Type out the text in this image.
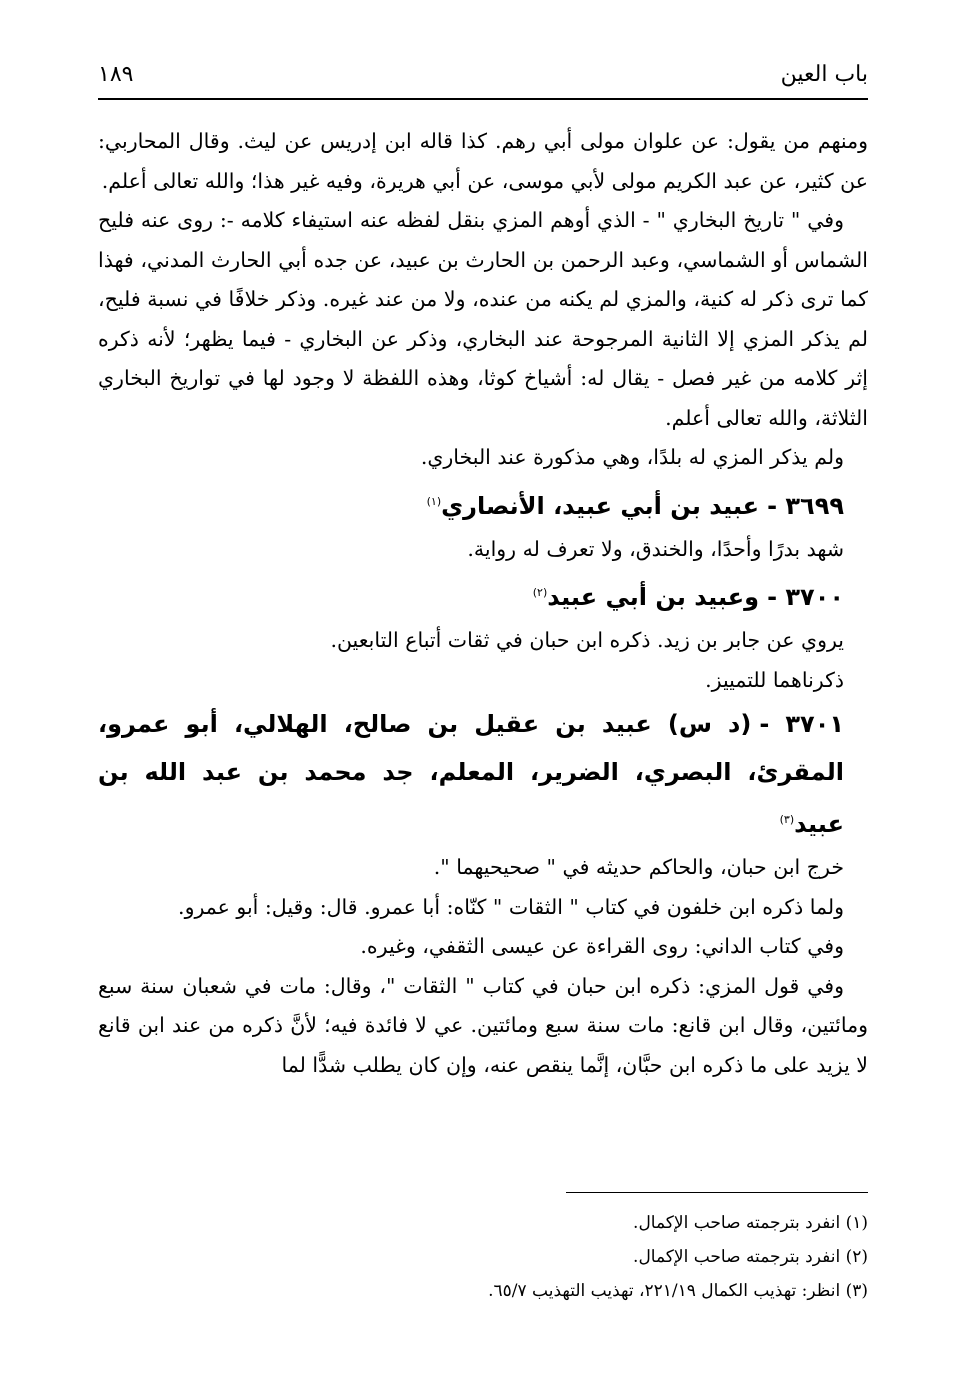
باب العين
١٨٩

ومنهم من يقول: عن علوان مولى أبي رهم. كذا قاله ابن إدريس عن ليث. وقال المحاربي: عن كثير، عن عبد الكريم مولى لأبي موسى، عن أبي هريرة، وفيه غير هذا؛ والله تعالى أعلم.

وفي " تاريخ البخاري " - الذي أوهم المزي بنقل لفظه عنه استيفاء كلامه -: روى عنه فليح الشماس أو الشماسي، وعبد الرحمن بن الحارث بن عبيد، عن جده أبي الحارث المدني، فهذا كما ترى ذكر له كنية، والمزي لم يكنه من عنده، ولا من عند غيره. وذكر خلافًا في نسبة فليح، لم يذكر المزي إلا الثانية المرجوحة عند البخاري، وذكر عن البخاري - فيما يظهر؛ لأنه ذكره إثر كلامه من غير فصل - يقال له: أشياخ كوثا، وهذه اللفظة لا وجود لها في تواريخ البخاري الثلاثة، والله تعالى أعلم.

ولم يذكر المزي له بلدًا، وهي مذكورة عند البخاري.

٣٦٩٩ -عبيد بن أبي عبيد، الأنصاري$^{(١)}$

شهد بدرًا وأحدًا، والخندق، ولا تعرف له رواية.

٣٧٠٠ -وعبيد بن أبي عبيد$^{(٢)}$

يروي عن جابر بن زيد. ذكره ابن حبان في ثقات أتباع التابعين.

ذكرناهما للتمييز.

٣٧٠١ -(د س) عبيد بن عقيل بن صالح، الهلالي، أبو عمرو، المقرئ، البصري، الضرير، المعلم، جد محمد بن عبد الله بن عبيد$^{(٣)}$

خرج ابن حبان، والحاكم حديثه في " صحيحيهما ".

ولما ذكره ابن خلفون في كتاب " الثقات " كنّاه: أبا عمرو. قال: وقيل: أبو عمرو.

وفي كتاب الداني: روى القراءة عن عيسى الثقفي، وغيره.

وفي قول المزي: ذكره ابن حبان في كتاب " الثقات "، وقال: مات في شعبان سنة سبع ومائتين، وقال ابن قانع: مات سنة سبع ومائتين. عي لا فائدة فيه؛ لأنَّ ذكره من عند ابن قانع لا يزيد على ما ذكره ابن حبَّان، إنَّما ينقص عنه، وإن كان يطلب شدًّا لما

(١) انفرد بترجمته صاحب الإكمال.

(٢) انفرد بترجمته صاحب الإكمال.

(٣) انظر: تهذيب الكمال ٢٢١/١٩، تهذيب التهذيب ٦٥/٧.
